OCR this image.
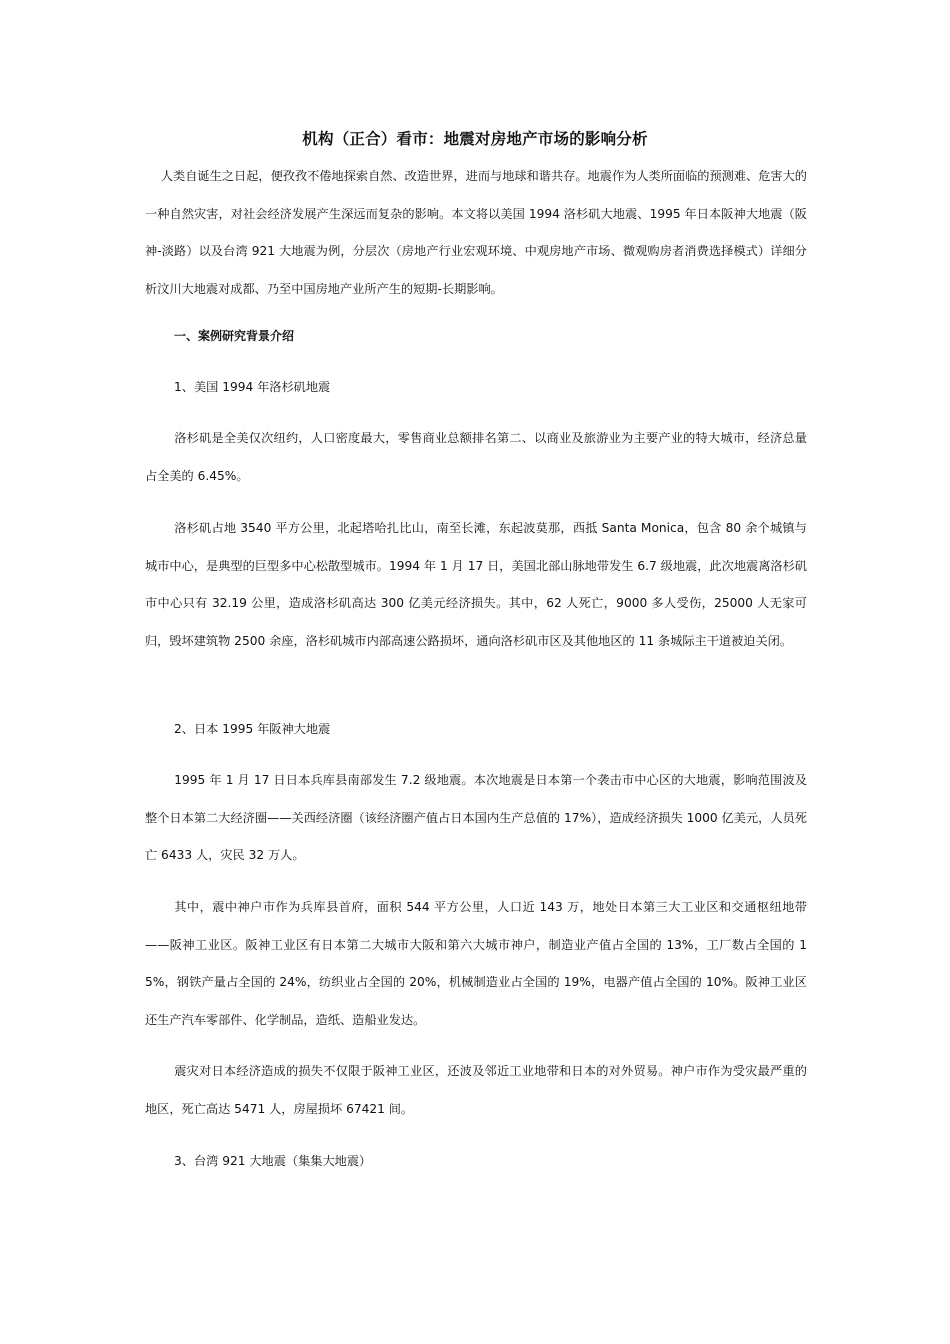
机构（正合）看市：地震对房地产市场的影响分析
人类自诞生之日起，便孜孜不倦地探索自然、改造世界，进而与地球和谐共存。地震作为人类所面临的预测难、危害大的一种自然灾害，对社会经济发展产生深远而复杂的影响。本文将以美国 1994 洛杉矶大地震、1995 年日本阪神大地震（阪神-淡路）以及台湾 921 大地震为例，分层次（房地产行业宏观环境、中观房地产市场、微观购房者消费选择模式）详细分析汶川大地震对成都、乃至中国房地产业所产生的短期-长期影响。
一、案例研究背景介绍
1、美国 1994 年洛杉矶地震
洛杉矶是全美仅次纽约，人口密度最大，零售商业总额排名第二、以商业及旅游业为主要产业的特大城市，经济总量占全美的 6.45%。
洛杉矶占地 3540 平方公里，北起塔哈扎比山，南至长滩，东起波莫那，西抵 Santa Monica，包含 80 余个城镇与城市中心，是典型的巨型多中心松散型城市。1994 年 1 月 17 日，美国北部山脉地带发生 6.7 级地震，此次地震离洛杉矶市中心只有 32.19 公里，造成洛杉矶高达 300 亿美元经济损失。其中，62 人死亡，9000 多人受伤，25000 人无家可归，毁坏建筑物 2500 余座，洛杉矶城市内部高速公路损坏，通向洛杉矶市区及其他地区的 11 条城际主干道被迫关闭。
2、日本 1995 年阪神大地震
1995 年 1 月 17 日日本兵库县南部发生 7.2 级地震。本次地震是日本第一个袭击市中心区的大地震，影响范围波及整个日本第二大经济圈——关西经济圈（该经济圈产值占日本国内生产总值的 17%），造成经济损失 1000 亿美元，人员死亡 6433 人，灾民 32 万人。
其中，震中神户市作为兵库县首府，面积 544 平方公里，人口近 143 万，地处日本第三大工业区和交通枢纽地带——阪神工业区。阪神工业区有日本第二大城市大阪和第六大城市神户，制造业产值占全国的 13%，工厂数占全国的 15%，钢铁产量占全国的 24%，纺织业占全国的 20%，机械制造业占全国的 19%，电器产值占全国的 10%。阪神工业区还生产汽车零部件、化学制品，造纸、造船业发达。
震灾对日本经济造成的损失不仅限于阪神工业区，还波及邻近工业地带和日本的对外贸易。神户市作为受灾最严重的地区，死亡高达 5471 人，房屋损坏 67421 间。
3、台湾 921 大地震（集集大地震）
